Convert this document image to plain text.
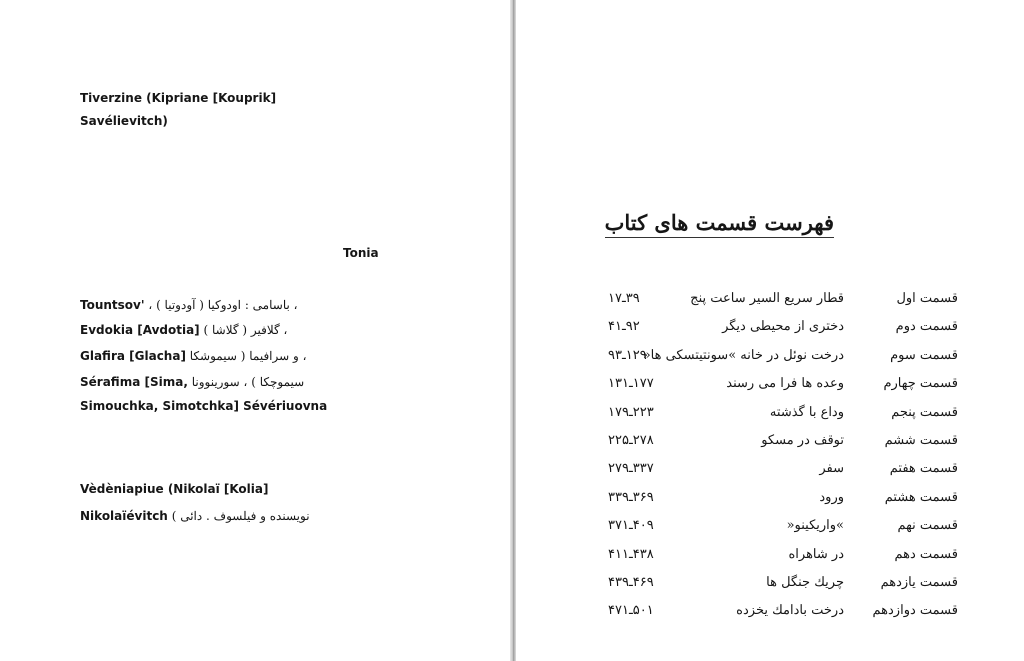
Tiverzine (Kipriane [Kouprik]
Savélievitch)
Tonia
Tountsov' ، باسامی : اودوکیا ( آودوتیا ) ،
Evdokia [Avdotia] گلافیر ( گلاشا ) ،
Glafira [Glacha] و سرافیما ( سیموشکا ،
Sérafima [Sima, سیموچکا ) ، سورینوونا
Simouchka, Simotchka] Sévériuovna
Vèdèniapiue (Nikolaï [Kolia]
Nikolaïévitch ( نویسنده و فیلسوف . دائی
فهرست قسمت های کتاب
قسمت اول
قطار سریع السیر ساعت پنج
۳۹ـ۱۷
قسمت دوم
دختری از محیطی دیگر
۹۲ـ۴۱
قسمت سوم
درخت نوئل در خانه »سونتیتسکی ها«
۱۲۹ـ۹۳
قسمت چهارم
وعده ها فرا می رسند
۱۷۷ـ۱۳۱
قسمت پنجم
وداع با گذشته
۲۲۳ـ۱۷۹
قسمت ششم
توقف در مسکو
۲۷۸ـ۲۲۵
قسمت هفتم
سفر
۳۳۷ـ۲۷۹
قسمت هشتم
ورود
۳۶۹ـ۳۳۹
قسمت نهم
»واریکینو«
۴۰۹ـ۳۷۱
قسمت دهم
در شاهراه
۴۳۸ـ۴۱۱
قسمت یازدهم
چریك جنگل ها
۴۶۹ـ۴۳۹
قسمت دوازدهم
درخت بادامك یخزده
۵۰۱ـ۴۷۱
